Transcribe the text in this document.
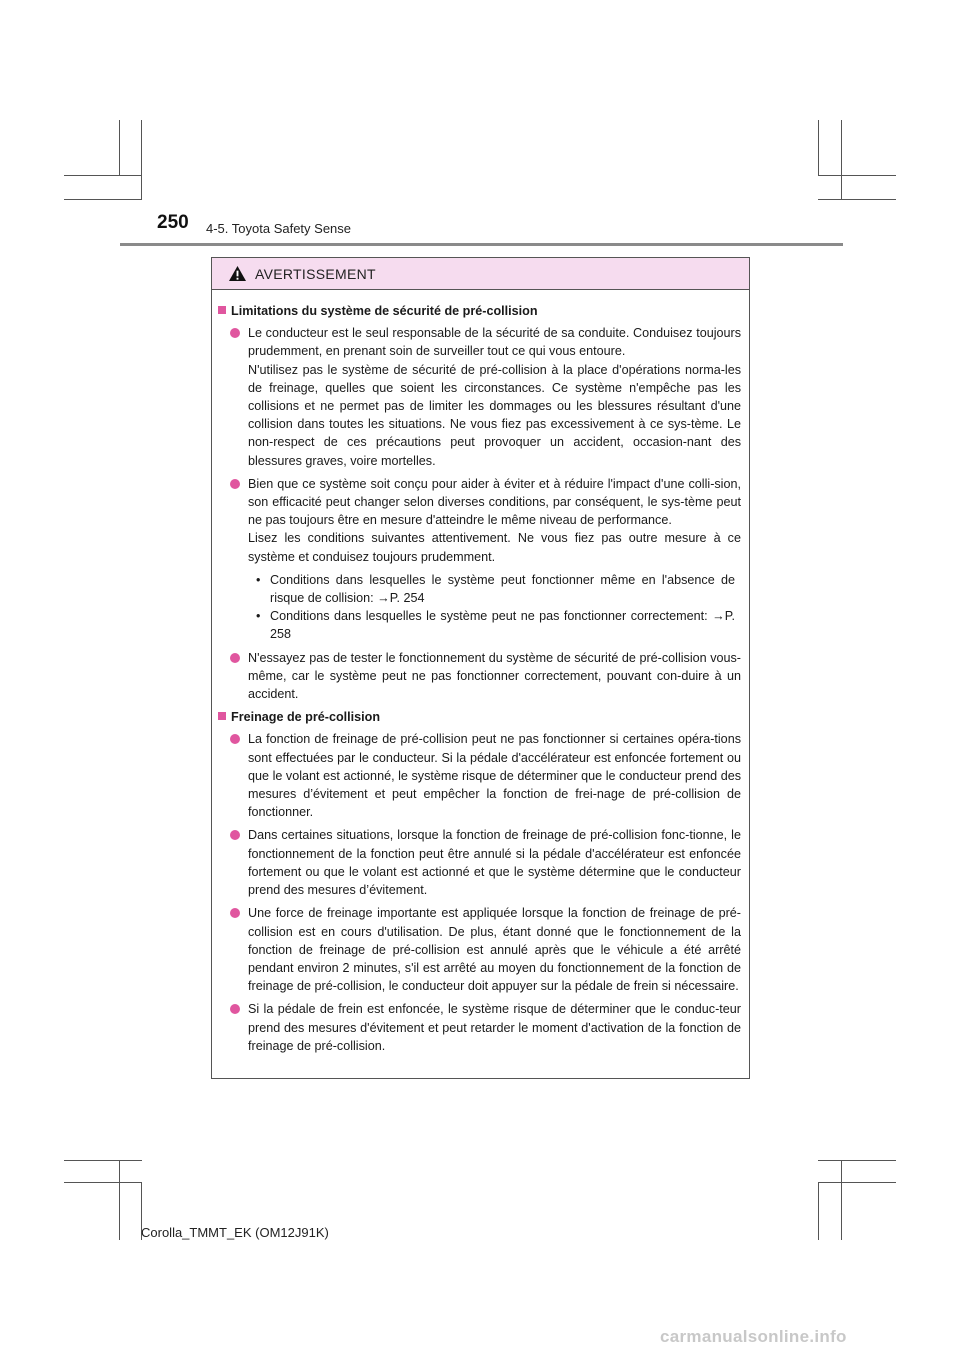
250 4-5. Toyota Safety Sense
AVERTISSEMENT
Limitations du système de sécurité de pré-collision
Le conducteur est le seul responsable de la sécurité de sa conduite. Conduisez toujours prudemment, en prenant soin de surveiller tout ce qui vous entoure.
N'utilisez pas le système de sécurité de pré-collision à la place d'opérations norma-les de freinage, quelles que soient les circonstances. Ce système n'empêche pas les collisions et ne permet pas de limiter les dommages ou les blessures résultant d'une collision dans toutes les situations. Ne vous fiez pas excessivement à ce sys-tème. Le non-respect de ces précautions peut provoquer un accident, occasion-nant des blessures graves, voire mortelles.
Bien que ce système soit conçu pour aider à éviter et à réduire l'impact d'une colli-sion, son efficacité peut changer selon diverses conditions, par conséquent, le sys-tème peut ne pas toujours être en mesure d'atteindre le même niveau de performance.
Lisez les conditions suivantes attentivement. Ne vous fiez pas outre mesure à ce système et conduisez toujours prudemment.
• Conditions dans lesquelles le système peut fonctionner même en l'absence de risque de collision: →P. 254
• Conditions dans lesquelles le système peut ne pas fonctionner correctement: →P. 258
N'essayez pas de tester le fonctionnement du système de sécurité de pré-collision vous-même, car le système peut ne pas fonctionner correctement, pouvant con-duire à un accident.
Freinage de pré-collision
La fonction de freinage de pré-collision peut ne pas fonctionner si certaines opéra-tions sont effectuées par le conducteur. Si la pédale d'accélérateur est enfoncée fortement ou que le volant est actionné, le système risque de déterminer que le conducteur prend des mesures d’évitement et peut empêcher la fonction de frei-nage de pré-collision de fonctionner.
Dans certaines situations, lorsque la fonction de freinage de pré-collision fonc-tionne, le fonctionnement de la fonction peut être annulé si la pédale d'accélérateur est enfoncée fortement ou que le volant est actionné et que le système détermine que le conducteur prend des mesures d’évitement.
Une force de freinage importante est appliquée lorsque la fonction de freinage de pré-collision est en cours d'utilisation. De plus, étant donné que le fonctionnement de la fonction de freinage de pré-collision est annulé après que le véhicule a été arrêté pendant environ 2 minutes, s'il est arrêté au moyen du fonctionnement de la fonction de freinage de pré-collision, le conducteur doit appuyer sur la pédale de frein si nécessaire.
Si la pédale de frein est enfoncée, le système risque de déterminer que le conduc-teur prend des mesures d'évitement et peut retarder le moment d'activation de la fonction de freinage de pré-collision.
Corolla_TMMT_EK (OM12J91K)
carmanualsonline.info
